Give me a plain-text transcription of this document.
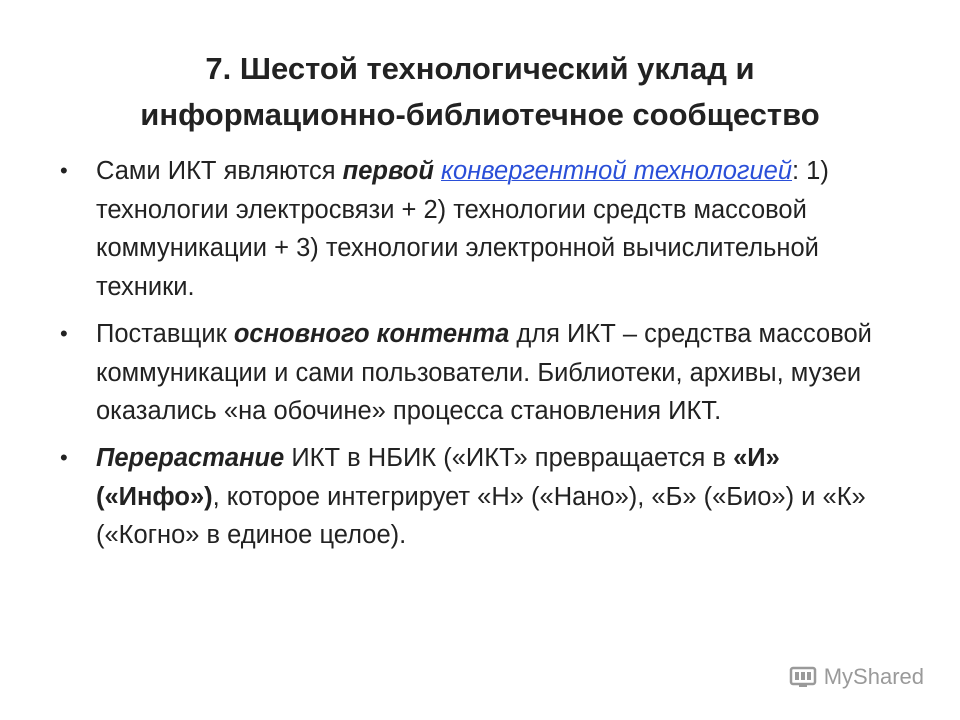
7. Шестой технологический уклад и
информационно-библиотечное сообщество
• Сами ИКТ являются первой конвергентной технологией: 1) технологии электросвязи + 2) технологии средств массовой коммуникации + 3) технологии электронной вычислительной техники.
• Поставщик основного контента для ИКТ – средства массовой коммуникации и сами пользователи. Библиотеки, архивы, музеи оказались «на обочине» процесса становления ИКТ.
• Перерастание ИКТ в НБИК («ИКТ» превращается в «И» («Инфо»), которое интегрирует «Н» («Нано»), «Б» («Био») и «К» («Когно» в единое целое).
MyShared
